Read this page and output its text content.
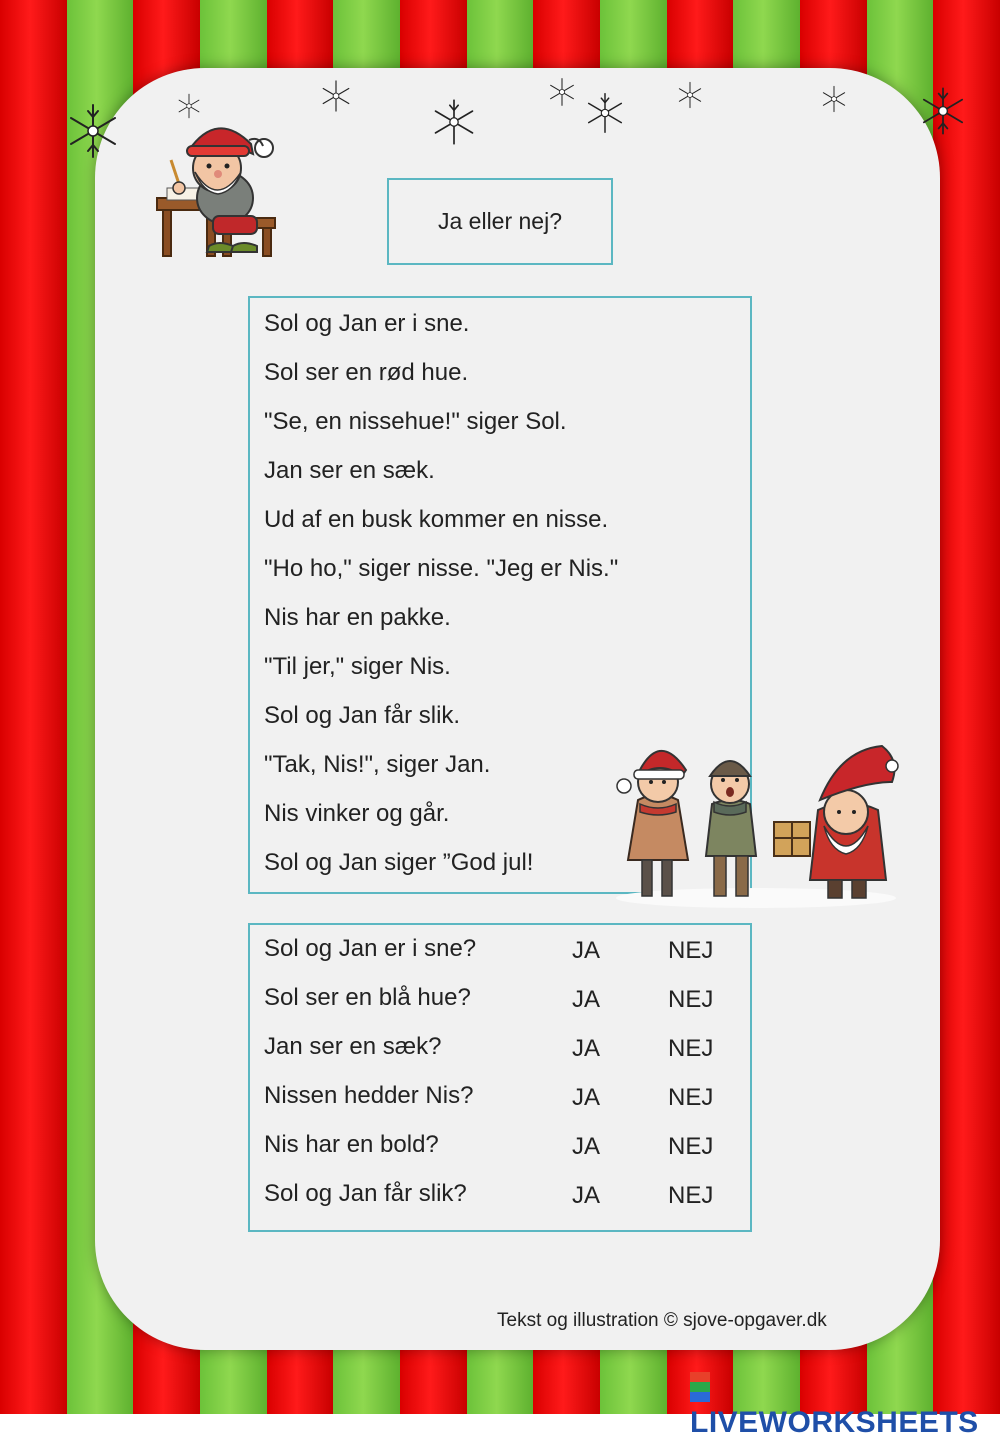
Ja eller nej?
Sol og Jan er i sne.
Sol ser en rød hue.
"Se, en nissehue!" siger Sol.
Jan ser en sæk.
Ud af en busk kommer en nisse.
"Ho ho," siger nisse. "Jeg er Nis."
Nis har en pakke.
"Til jer," siger Nis.
Sol og Jan får slik.
"Tak, Nis!", siger Jan.
Nis vinker og går.
Sol og Jan siger ”God jul!
Sol og Jan er i sne?	JA	NEJ
Sol ser en blå hue?	JA	NEJ
Jan ser en sæk?	JA	NEJ
Nissen hedder Nis?	JA	NEJ
Nis har en bold?	JA	NEJ
Sol og Jan får slik?	JA	NEJ
Tekst og illustration © sjove-opgaver.dk
LIVEWORKSHEETS
